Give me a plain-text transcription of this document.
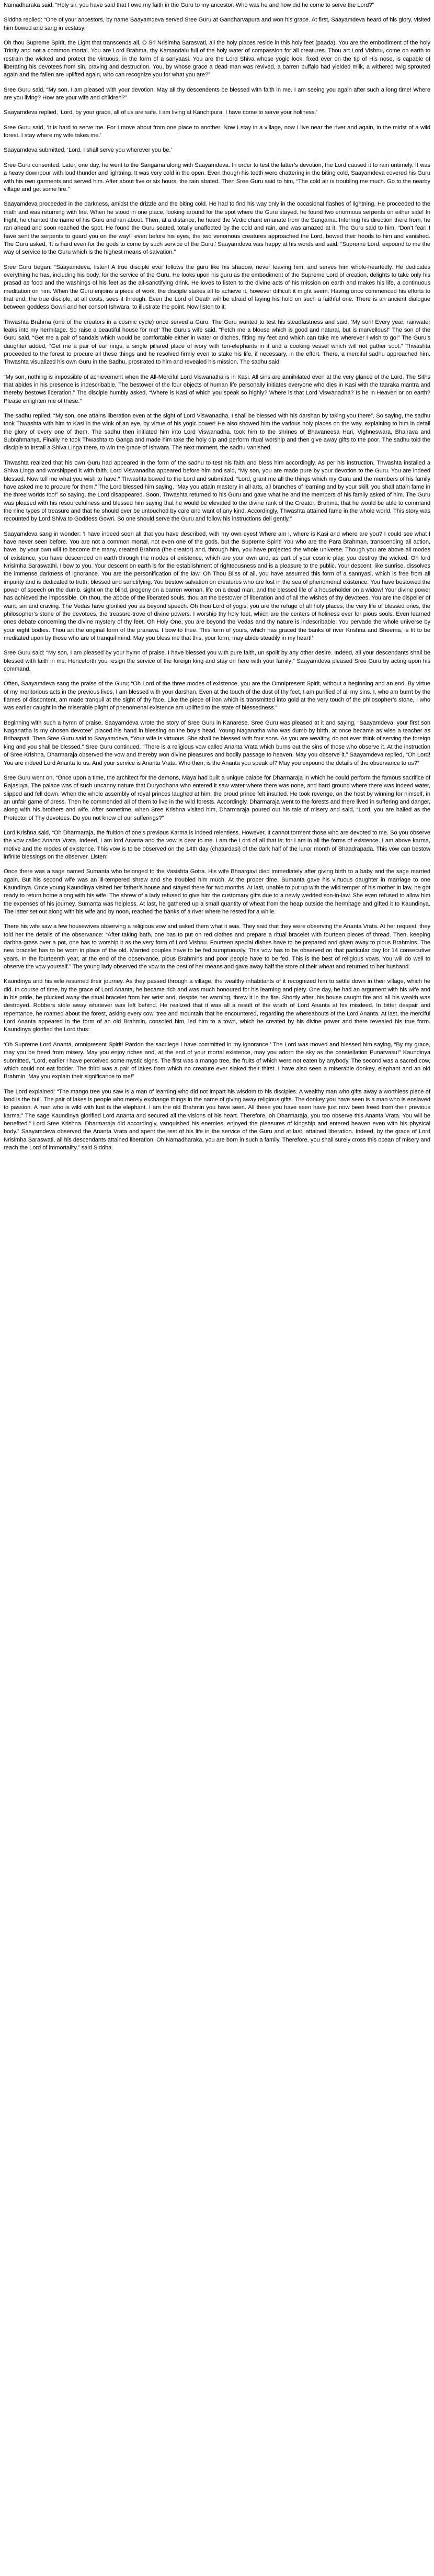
Namadharaka said, “Holy sir, you have said that I owe my faith in the Guru to my ancestor. Who was he and how did he come to serve the Lord?”

Siddha replied: “One of your ancestors, by name Saayamdeva served Sree Guru at Gandharvapura and won his grace. At first, Saayamdeva heard of his glory, visited him bowed and sang in ecstasy:

Oh thou Supreme Spirit, the Light that transcends all, O Sri Nrisimha Sarasvati, all the holy places reside in this holy feet (paada). You are the embodiment of the holy Trinity and not a common mortal. You are Lord Brahma, thy Kamandalu full of the holy water of compassion for all creatures. Thou art Lord Vishnu, come on earth to restrain the wicked and protect the virtuous, in the form of a sanyaasi. You are the Lord Shiva whose yogic look, fixed ever on the tip of His nose, is capable of liberating his devotees from sin, craving and destruction. You, by whose grace a dead man was revived, a barren buffalo had yielded milk, a withered twig sprouted again and the fallen are uplifted again, who can recognize you for what you are?”

Sree Guru said, “My son, I am pleased with your devotion. May all thy descendents be blessed with faith in me. I am seeing you again after such a long time! Where are you living? How are your wife and children?”

Saayamdeva replied, ‘Lord, by your grace, all of us are safe. I am living at Kanchipura. I have come to serve your holiness.’

Sree Guru said, ‘It is hard to serve me. For I move about from one place to another. Now I stay in a village, now I live near the river and again, in the midst of a wild forest. I stay where my wife takes me.’

Saayamdeva submitted, ‘Lord, I shall serve you wherever you be.’

Sree Guru consented. Later, one day, he went to the Sangama along with Saayamdeva. In order to test the latter’s devotion, the Lord caused it to rain untimely. It was a heavy downpour with loud thunder and lightning. It was very cold in the open. Even though his teeth were chattering in the biting cold, Saayamdeva covered his Guru with his own garments and served him. After about five or six hours, the rain abated. Then Sree Guru said to him, “The cold air is troubling me much. Go to the nearby village and get some fire.”

Saayamdeva proceeded in the darkness, amidst the drizzle and the biting cold. He had to find his way only in the occasional flashes of lightning. He proceeded to the math and was returning with fire. When he stood in one place, looking around for the spot where the Guru stayed, he found two enormous serpents on either side! In fright, he chanted the name of his Guru and ran about. Then, at a distance, he heard the Vedic chant emanate from the Sangama. Inferring his direction there from, he ran ahead and soon reached the spot. He found the Guru seated, totally unaffected by the cold and rain, and was amazed at it. The Guru said to him, “Don’t fear! I have sent the serpents to guard you on the way!” even before his eyes, the two venomous creatures approached the Lord, bowed their hoods to him and vanished. The Guru asked, ‘It is hard even for the gods to come by such service of the Guru.’ Saayamdeva was happy at his words and said, “Supreme Lord, expound to me the way of service to the Guru which is the highest means of salvation.”

Sree Guru began: “Saayamdeva, listen! A true disciple ever follows the guru like his shadow, never leaving him, and serves him whole-heartedly. He dedicates everything he has, including his body, for the service of the Guru. He looks upon his guru as the embodiment of the Supreme Lord of creation, delights to take only his prasad as food and the washings of his feet as the all-sanctifying drink. He loves to listen to the divine acts of his mission on earth and makes his life, a continuous meditation on him. When the Guru enjoins a piece of work, the disciple stakes all to achieve it, however difficult it might seem. Having once commenced his efforts to that end, the true disciple, at all costs, sees it through. Even the Lord of Death will be afraid of laying his hold on such a faithful one. There is an ancient dialogue between goddess Gowri and her consort Ishwara, to illustrate the point. Now listen to it:

Thwashta Brahma (one of the creators in a cosmic cycle) once served a Guru. The Guru wanted to test his steadfastness and said, ‘My son! Every year, rainwater leaks into my hermitage. So raise a beautiful house for me!’ The Guru’s wife said, “Fetch me a blouse which is good and natural, but is marvellous!” The son of the Guru said, “Get me a pair of sandals which would be comfortable either in water or ditches, fitting my feet and which can take me wherever I wish to go!” The Guru’s daughter added, “Get me a pair of ear rings, a single pillared place of ivory with ten-elephants in it and a cooking vessel which will not gather soot.” Thwashta proceeded to the forest to procure all these things and he resolved firmly even to stake his life, if necessary, in the effort. There, a merciful sadhu approached him. Thwashta visualized his own Guru in the Sadhu, prostrated to him and revealed his mission. The sadhu said:

“My son, nothing is impossible of achievement when the All-Merciful Lord Viswanatha is in Kasi. All sins are annihilated even at the very glance of the Lord. The Siths that abides in his presence is indescribable. The bestower of the four objects of human life personally initiates everyone who dies in Kasi with the taaraka mantra and thereby bestows liberation.” The disciple humbly asked, “Where is Kasi of which you speak so highly? Where is that Lord Viswanadha? Is he in Heaven or on earth? Please enlighten me of these.”

The sadhu replied, “My son, one attains liberation even at the sight of Lord Viswanadha. I shall be blessed with his darshan by taking you there”. So saying, the sadhu took Thwashta with him to Kasi in the wink of an eye, by virtue of his yogic power! He also showed him the various holy places on the way, explaining to him in detail the glory of every one of them. The sadhu then initiated him into Lord Viswanadha, took him to the shrines of Bhavaneesa Hari, Vighneswara, Bhairava and Subrahmanya. Finally he took Thwashta to Ganga and made him take the holy dip and perform ritual worship and then give away gifts to the poor. The sadhu told the disciple to install a Shiva Linga there, to win the grace of Ishwara. The next moment, the sadhu vanished.

Thwashta realized that his own Guru had appeared in the form of the sadhu to test his faith and bless him accordingly. As per his instruction, Thwashta installed a Shiva Linga and worshipped it with faith. Lord Viswanadha appeared before him and said, “My son, you are made pure by your devotion to the Guru. You are indeed blessed. Now tell me what you wish to have.” Thwashta bowed to the Lord and submitted, “Lord, grant me all the things which my Guru and the members of his family have asked me to procure for them.” The Lord blessed him saying, “May you attain mastery in all arts, all branches of learning and by your skill, you shall attain fame in the three worlds too!” so saying, the Lord disappeared. Soon, Thwashta returned to his Guru and gave what he and the members of his family asked of him. The Guru was pleased with his resourcefulness and blessed him saying that he would be elevated to the divine rank of the Creator, Brahma; that he would be able to command the nine types of treasure and that he should ever be untouched by care and want of any kind. Accordingly, Thwashta attained fame in the whole world. This story was recounted by Lord Shiva to Goddess Gowri. So one should serve the Guru and follow his instructions deli gently.”

Saayamdeva sang in wonder: ‘I have indeed seen all that you have described, with my own eyes! Where am I, where is Kasi and where are you? I could see what I have never seen before. You are not a common mortal, not even one of the gods, but the Supreme Spirit! You who are the Para Brahman, transcending all action, have, by your own will to become the many, created Brahma (the creator) and, through him, you have projected the whole universe. Though you are above all modes of existence, you have descended on earth through the modes of existence, which are your own and, as part of your cosmic play, you destroy the wicked. Oh lord Nrisimha Saraswathi, I bow to you. Your descent on earth is for the establishment of righteousness and is a pleasure to the public. Your descent, like sunrise, dissolves the immense darkness of ignorance. You are the personification of the law. Oh Thou Bliss of all, you have assumed this form of a sannyasi, which is free from all impurity and is dedicated to truth, blessed and sanctifying. You bestow salvation on creatures who are lost in the sea of phenomenal existence. You have bestowed the power of speech on the dumb, sight on the blind, progeny on a barren woman, life on a dead man, and the blessed life of a householder on a widow! Your divine power has achieved the impossible. Oh thou, the abode of the liberated souls, thou art the bestower of liberation and of all the wishes of thy devotees. You are the dispeller of want, sin and craving. The Vedas have glorified you as beyond speech. Oh thou Lord of yogis, you are the refuge of all holy places, the very life of blessed ones, the philosopher’s stone of the devotees, the treasure-trove of divine powers. I worship thy holy feet, which are the centers of holiness ever for pious souls. Even learned ones debate concerning the divine mystery of thy feet. Oh Holy One, you are beyond the Vedas and thy nature is indescribable. You pervade the whole universe by your eight bodies. Thou art the original form of the pranava. I bow to thee. This form of yours, which has graced the banks of river Krishna and Bheema, is fit to be meditated upon by those who are of tranquil mind. May you bless me that this, your form, may abide steadily in my heart!’

Sree Guru said: “My son, I am pleased by your hymn of praise. I have blessed you with pure faith, un spoilt by any other desire. Indeed, all your descendants shall be blessed with faith in me. Henceforth you resign the service of the foreign king and stay on here with your family!” Saayamdeva pleased Sree Guru by acting upon his command.

Often, Saayamdeva sang the praise of the Guru; “Oh Lord of the three modes of existence, you are the Omnipresent Spirit, without a beginning and an end. By virtue of my meritorious acts in the previous lives, I am blessed with your darshan. Even at the touch of the dust of thy feet, I am purified of all my sins. I, who am burnt by the flames of discontent, am made tranquil at the sight of thy face. Like the piece of iron which is transmitted into gold at the very touch of the philosopher’s stone, I who was earlier caught in the miserable plight of phenomenal existence am uplifted to the state of blessedness.”

Beginning with such a hymn of praise, Saayamdeva wrote the story of Sree Guru in Kanarese. Sree Guru was pleased at it and saying, “Saayamdeva, your first son Naganatha is my chosen devotee” placed his hand in blessing on the boy’s head. Young Naganatha who was dumb by birth, at once became as wise a teacher as Brihaspati. Then Sree Guru said to Saayamdeva, “Your wife is virtuous. She shall be blessed with four sons. As you are wealthy, do not ever think of serving the foreign king and you shall be blessed.” Sree Guru continued, “There is a religious vow called Ananta Vrata which burns out the sins of those who observe it. At the instruction of Sree Krishna, Dharmaraja observed the vow and thereby won divine pleasures and bodily passage to heaven. May you observe it.” Saayamdeva replied, “Oh Lord! You are indeed Lord Ananta to us. And your service is Ananta Vrata. Who then, is the Ananta you speak of? May you expound the details of the observance to us?”

Sree Guru went on, “Once upon a time, the architect for the demons, Maya had built a unique palace for Dharmaraja in which he could perform the famous sacrifice of Rajasuya. The palace was of such uncanny nature that Duryodhana who entered it saw water where there was none, and hard ground where there was indeed water, slipped and fell down. When the whole assembly of royal princes laughed at him, the proud prince felt insulted. He took revenge, on the host by winning for himself, in an unfair game of dress. Then he commended all of them to live in the wild forests. Accordingly, Dharmaraja went to the forests and there lived in suffering and danger, along with his brothers and wife. After sometime, when Sree Krishna visited him, Dharmaraja poured out his tale of misery and said, “Lord, you are hailed as the Protector of Thy devotees. Do you not know of our sufferings?”

Lord Krishna said, “Oh Dharmaraja, the fruition of one’s previous Karma is indeed relentless. However, it cannot torment those who are devoted to me. So you observe the vow called Ananta Vrata. Indeed, I am lord Ananta and the vow is dear to me. I am the Lord of all that is; for I am in all the forms of existence. I am above karma, motive and the modes of existence. This vow is to be observed on the 14th day (chaturdasi) of the dark half of the lunar month of Bhaadrapada. This vow can bestow infinite blessings on the observer. Listen:

Once there was a sage named Sumanta who belonged to the Vasishta Gotra. His wife Bhaargavi died immediately after giving birth to a baby and the sage married again. But his second wife was an ill-tempered shrew and she troubled him much. At the proper time, Sumanta gave his virtuous daughter in marriage to one Kaundinya. Once young Kaundinya visited her father’s house and stayed there for two months. At last, unable to put up with the wild temper of his mother in law, he got ready to return home along with his wife. The shrew of a lady refused to give him the customary gifts due to a newly wedded son-in-law. She even refused to allow him the expenses of his journey. Sumanta was helpless. At last, he gathered up a small quantity of wheat from the heap outside the hermitage and gifted it to Kaundinya. The latter set out along with his wife and by noon, reached the banks of a river where he rested for a while.

There his wife saw a few housewives observing a religious vow and asked them what it was. They said that they were observing the Ananta Vrata. At her request, they told her the details of the observance: “After taking bath, one has to put on red clothes and prepare a ritual bracelet with fourteen pieces of thread. Then, keeping darbha grass over a pot, one has to worship it as the very form of Lord Vishnu. Fourteen special dishes have to be prepared and given away to pious Brahmins. The new bracelet has to be worn in place of the old. Married couples have to be fed sumptuously. This vow has to be observed on that particular day for 14 consecutive years. In the fourteenth year, at the end of the observance, pious Brahmins and poor people have to be fed. This is the best of religious vows. You will do well to observe the vow yourself.” The young lady observed the vow to the best of her means and gave away half the store of their wheat and returned to her husband.

Kaundinya and his wife resumed their journey. As they passed through a village, the wealthy inhabitants of it recognized him to settle down in their village, which he did. In course of time, by the grace of Lord Ananta, he became rich and was much honoured for his learning and piety. One day, he had an argument with his wife and in his pride, he plucked away the ritual bracelet from her wrist and, despite her warning, threw it in the fire. Shortly after, his house caught fire and all his wealth was destroyed. Robbers stole away whatever was left behind. He realized that it was all a result of the wrath of Lord Ananta at his misdeed. In bitter despair and repentance, he roamed about the forest, asking every cow, tree and mountain that he encountered, regarding the whereabouts of the Lord Ananta. At last, the merciful Lord Ananta appeared in the form of an old Brahmin, consoled him, led him to a town, which he created by his divine power and there revealed his true form. Kaundinya glorified the Lord thus:

‘Oh Supreme Lord Ananta, omnipresent Spirit! Pardon the sacrilege I have committed in my ignorance.’ The Lord was moved and blessed him saying, “By my grace, may you be freed from misery. May you enjoy riches and, at the end of your mortal existence, may you adorn the sky as the constellation Punarvasu!” Kaundinya submitted, “Lord, earlier I have perceived some mystic signs. The first was a mango tree, the fruits of which were not eaten by anybody. The second was a sacred cow, which could not eat fodder. The third was a pair of lakes from which no creature ever slaked their thirst. I have also seen a miserable donkey, elephant and an old Brahmin. May you explain their significance to me!”

The Lord explained: “The mango tree you saw is a man of learning who did not impart his wisdom to his disciples. A wealthy man who gifts away a worthless piece of land is the bull. The pair of lakes is people who merely exchange things in the name of giving away religious gifts. The donkey you have seen is a man who is enslaved to passion. A man who is wild with lust is the elephant. I am the old Brahmin you have seen. All these you have seen have just now been freed from their previous karma.” The sage Kaundinya glorified Lord Ananta and secured all the visions of his heart. Therefore, oh Dharmaraja, you too observe this Ananta Vrata. You will be benefited.” Lord Sree Krishna. Dharmaraja did accordingly, vanquished his enemies, enjoyed the pleasures of kingship and entered heaven even with his physical body.” Saayamdeva observed the Ananta Vrata and spent the rest of his life in the service of the Guru and at last, attained liberation. Indeed, by the grace of Lord Nrisimha Saraswati, all his descendants attained liberation. Oh Namadharaka, you are born in such a family. Therefore, you shall surely cross this ocean of misery and reach the Lord of immortality,” said Siddha.
